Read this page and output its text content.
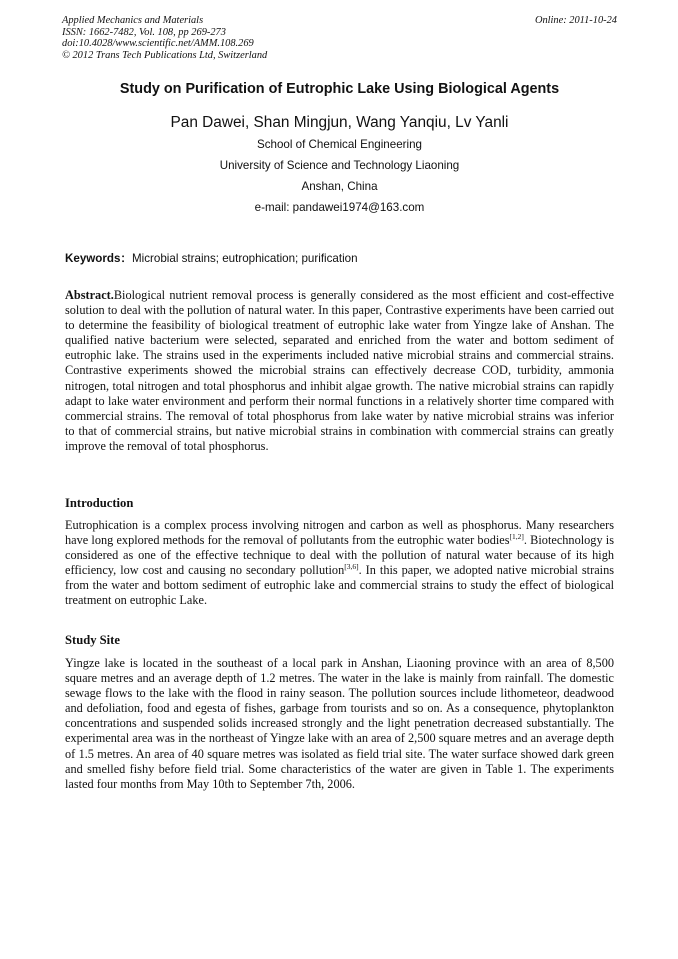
Applied Mechanics and Materials
ISSN: 1662-7482, Vol. 108, pp 269-273
doi:10.4028/www.scientific.net/AMM.108.269
© 2012 Trans Tech Publications Ltd, Switzerland
Online: 2011-10-24
Study on Purification of Eutrophic Lake Using Biological Agents
Pan Dawei, Shan Mingjun, Wang Yanqiu, Lv Yanli
School of Chemical Engineering
University of Science and Technology Liaoning
Anshan, China
e-mail: pandawei1974@163.com
Keywords：Microbial strains; eutrophication; purification

Abstract.Biological nutrient removal process is generally considered as the most efficient and cost-effective solution to deal with the pollution of natural water. In this paper, Contrastive experiments have been carried out to determine the feasibility of biological treatment of eutrophic lake water from Yingze lake of Anshan. The qualified native bacterium were selected, separated and enriched from the water and bottom sediment of eutrophic lake. The strains used in the experiments included native microbial strains and commercial strains. Contrastive experiments showed the microbial strains can effectively decrease COD, turbidity, ammonia nitrogen, total nitrogen and total phosphorus and inhibit algae growth. The native microbial strains can rapidly adapt to lake water environment and perform their normal functions in a relatively shorter time compared with commercial strains. The removal of total phosphorus from lake water by native microbial strains was inferior to that of commercial strains, but native microbial strains in combination with commercial strains can greatly improve the removal of total phosphorus.

Introduction

Eutrophication is a complex process involving nitrogen and carbon as well as phosphorus. Many researchers have long explored methods for the removal of pollutants from the eutrophic water bodies[1,2]. Biotechnology is considered as one of the effective technique to deal with the pollution of natural water because of its high efficiency, low cost and causing no secondary pollution[3,6]. In this paper, we adopted native microbial strains from the water and bottom sediment of eutrophic lake and commercial strains to study the effect of biological treatment on eutrophic Lake.

Study Site

Yingze lake is located in the southeast of a local park in Anshan, Liaoning province with an area of 8,500 square metres and an average depth of 1.2 metres. The water in the lake is mainly from rainfall. The domestic sewage flows to the lake with the flood in rainy season. The pollution sources include lithometeor, deadwood and defoliation, food and egesta of fishes, garbage from tourists and so on. As a consequence, phytoplankton concentrations and suspended solids increased strongly and the light penetration decreased substantially. The experimental area was in the northeast of Yingze lake with an area of 2,500 square metres and an average depth of 1.5 metres. An area of 40 square metres was isolated as field trial site. The water surface showed dark green and smelled fishy before field trial. Some characteristics of the water are given in Table 1. The experiments lasted four months from May 10th to September 7th, 2006.
